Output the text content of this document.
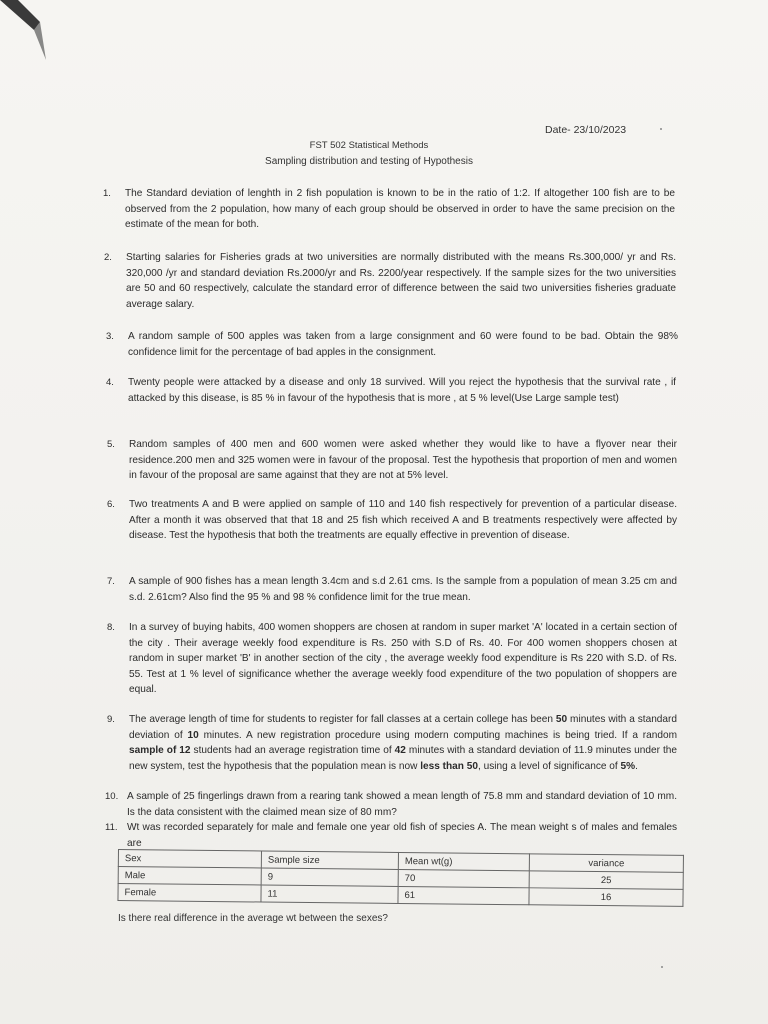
Date- 23/10/2023
FST 502 Statistical Methods
Sampling distribution and testing of Hypothesis
1. The Standard deviation of lenghth in 2 fish population is known to be in the ratio of 1:2. If altogether 100 fish are to be observed from the 2 population, how many of each group should be observed in order to have the same precision on the estimate of the mean for both.
2. Starting salaries for Fisheries grads at two universities are normally distributed with the means Rs.300,000/ yr and Rs. 320,000 /yr and standard deviation Rs.2000/yr and Rs. 2200/year respectively. If the sample sizes for the two universities are 50 and 60 respectively, calculate the standard error of difference between the said two universities fisheries graduate average salary.
3. A random sample of 500 apples was taken from a large consignment and 60 were found to be bad. Obtain the 98% confidence limit for the percentage of bad apples in the consignment.
4. Twenty people were attacked by a disease and only 18 survived. Will you reject the hypothesis that the survival rate , if attacked by this disease, is 85 % in favour of the hypothesis that is more , at 5 % level(Use Large sample test)
5. Random samples of 400 men and 600 women were asked whether they would like to have a flyover near their residence.200 men and 325 women were in favour of the proposal. Test the hypothesis that proportion of men and women in favour of the proposal are same against that they are not at 5% level.
6. Two treatments A and B were applied on sample of 110 and 140 fish respectively for prevention of a particular disease. After a month it was observed that that 18 and 25 fish which received A and B treatments respectively were affected by disease. Test the hypothesis that both the treatments are equally effective in prevention of disease.
7. A sample of 900 fishes has a mean length 3.4cm and s.d 2.61 cms. Is the sample from a population of mean 3.25 cm and s.d. 2.61cm? Also find the 95 % and 98 % confidence limit for the true mean.
8. In a survey of buying habits, 400 women shoppers are chosen at random in super market 'A' located in a certain section of the city . Their average weekly food expenditure is Rs. 250 with S.D of Rs. 40. For 400 women shoppers chosen at random in super market 'B' in another section of the city , the average weekly food expenditure is Rs 220 with S.D. of Rs. 55. Test at 1 % level of significance whether the average weekly food expenditure of the two population of shoppers are equal.
9. The average length of time for students to register for fall classes at a certain college has been 50 minutes with a standard deviation of 10 minutes. A new registration procedure using modern computing machines is being tried. If a random sample of 12 students had an average registration time of 42 minutes with a standard deviation of 11.9 minutes under the new system, test the hypothesis that the population mean is now less than 50, using a level of significance of 5%.
10. A sample of 25 fingerlings drawn from a rearing tank showed a mean length of 75.8 mm and standard deviation of 10 mm. Is the data consistent with the claimed mean size of 80 mm?
11. Wt was recorded separately for male and female one year old fish of species A. The mean weight s of males and females are
Sex	Sample size	Mean wt(g)	variance
Male	9	70	25
Female	11	61	16
Is there real difference in the average wt between the sexes?
